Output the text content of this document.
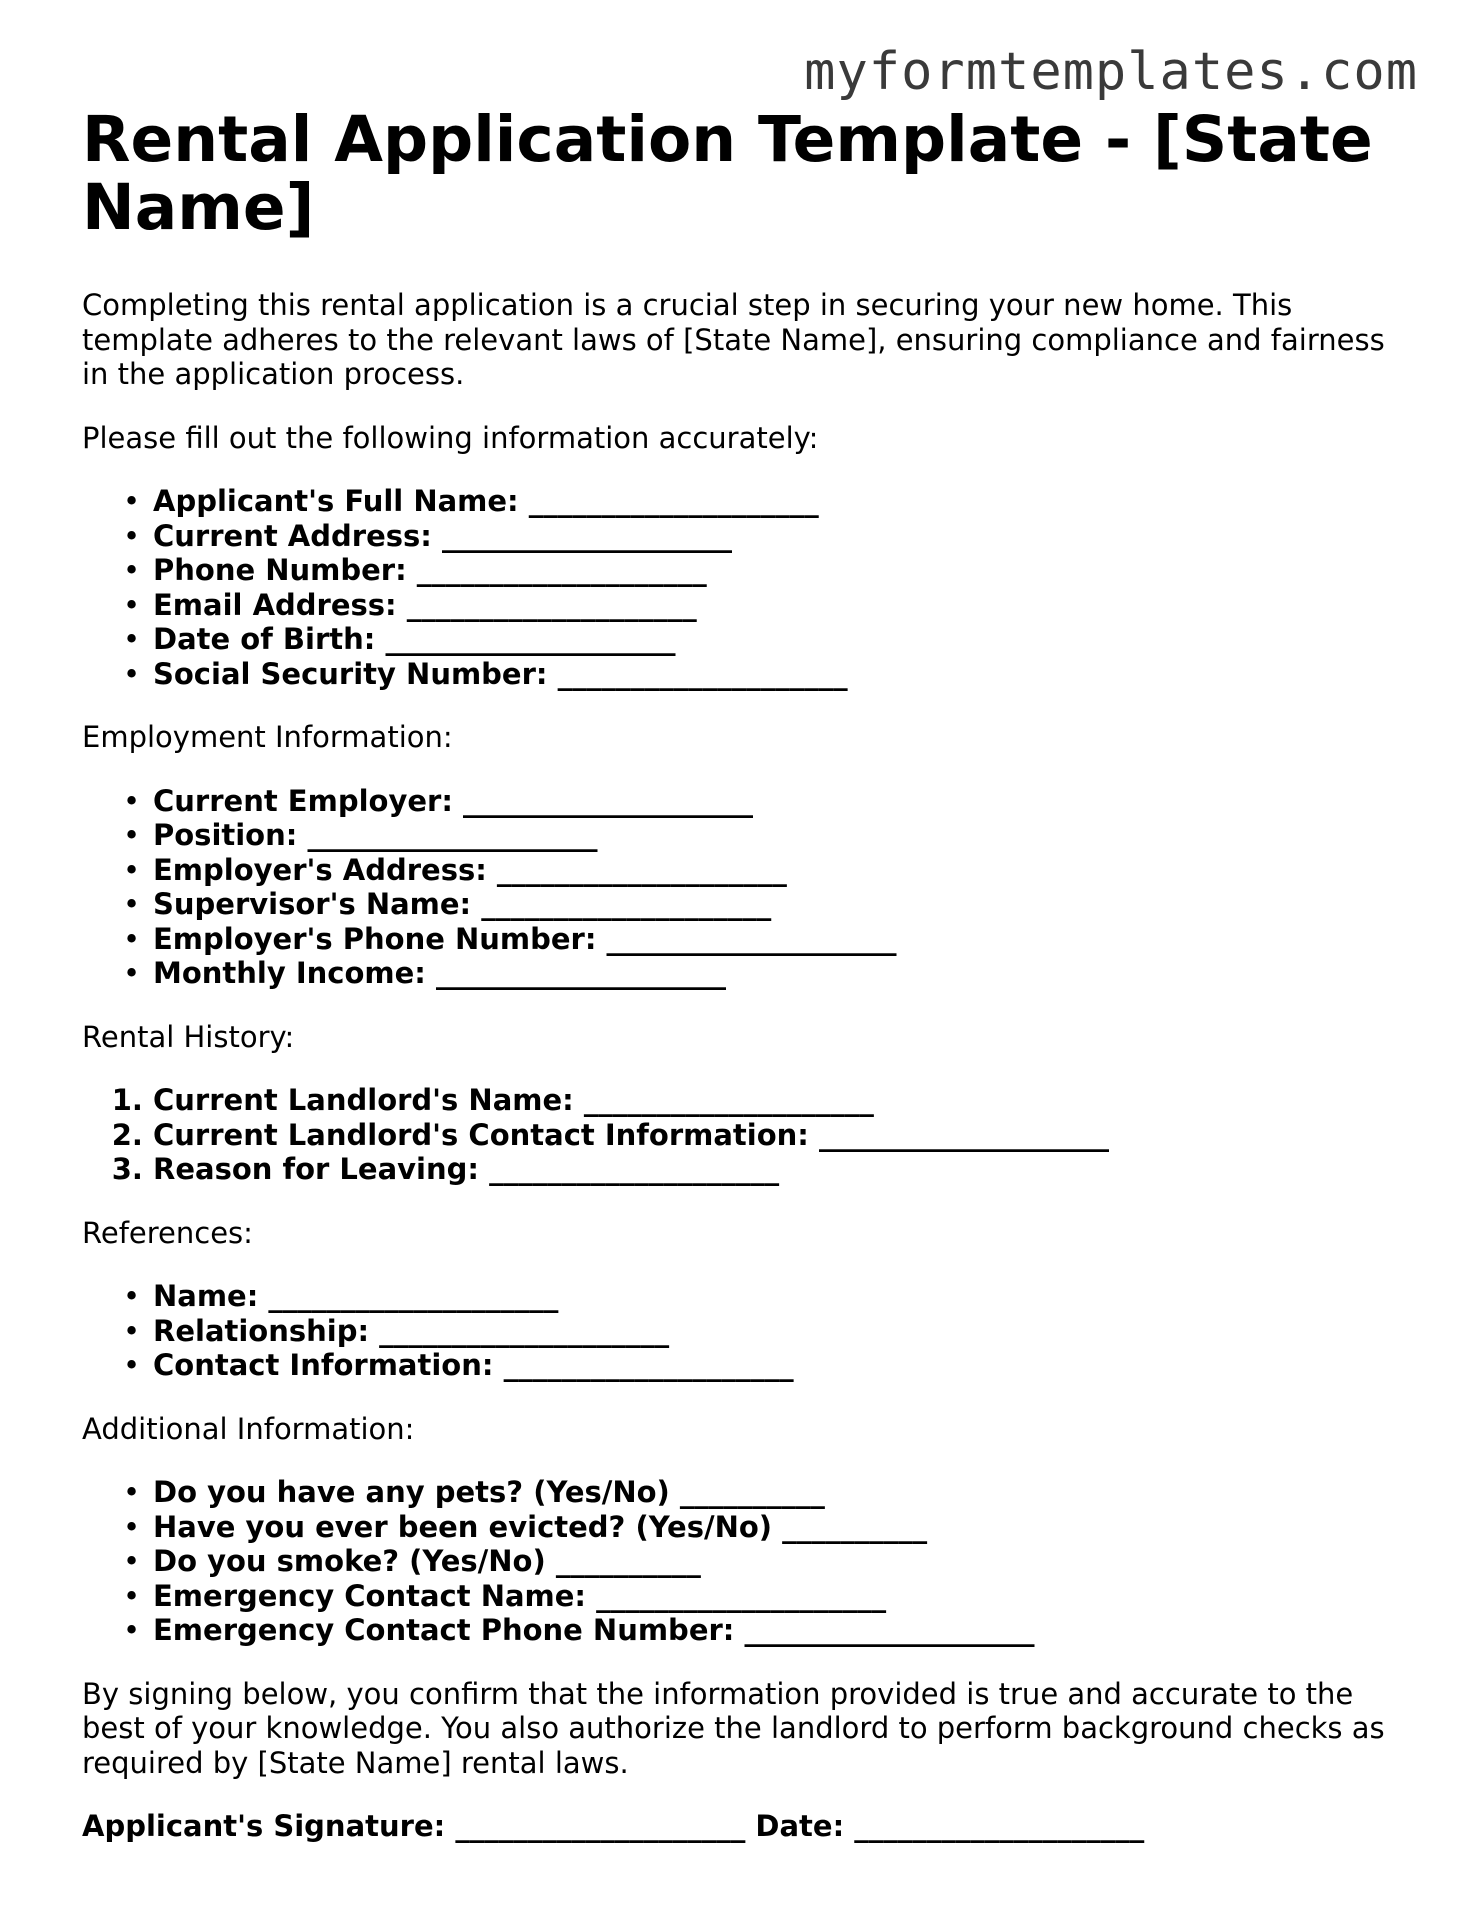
myformtemplates.com
Rental Application Template - [State Name]

Completing this rental application is a crucial step in securing your new home. This template adheres to the relevant laws of [State Name], ensuring compliance and fairness in the application process.

Please fill out the following information accurately:

• Applicant's Full Name: ____________________
• Current Address: ____________________
• Phone Number: ____________________
• Email Address: ____________________
• Date of Birth: ____________________
• Social Security Number: ____________________

Employment Information:

• Current Employer: ____________________
• Position: ____________________
• Employer's Address: ____________________
• Supervisor's Name: ____________________
• Employer's Phone Number: ____________________
• Monthly Income: ____________________

Rental History:

1. Current Landlord's Name: ____________________
2. Current Landlord's Contact Information: ____________________
3. Reason for Leaving: ____________________

References:

• Name: ____________________
• Relationship: ____________________
• Contact Information: ____________________

Additional Information:

• Do you have any pets? (Yes/No) __________
• Have you ever been evicted? (Yes/No) __________
• Do you smoke? (Yes/No) __________
• Emergency Contact Name: ____________________
• Emergency Contact Phone Number: ____________________

By signing below, you confirm that the information provided is true and accurate to the best of your knowledge. You also authorize the landlord to perform background checks as required by [State Name] rental laws.

Applicant's Signature: ____________________ Date: ____________________
